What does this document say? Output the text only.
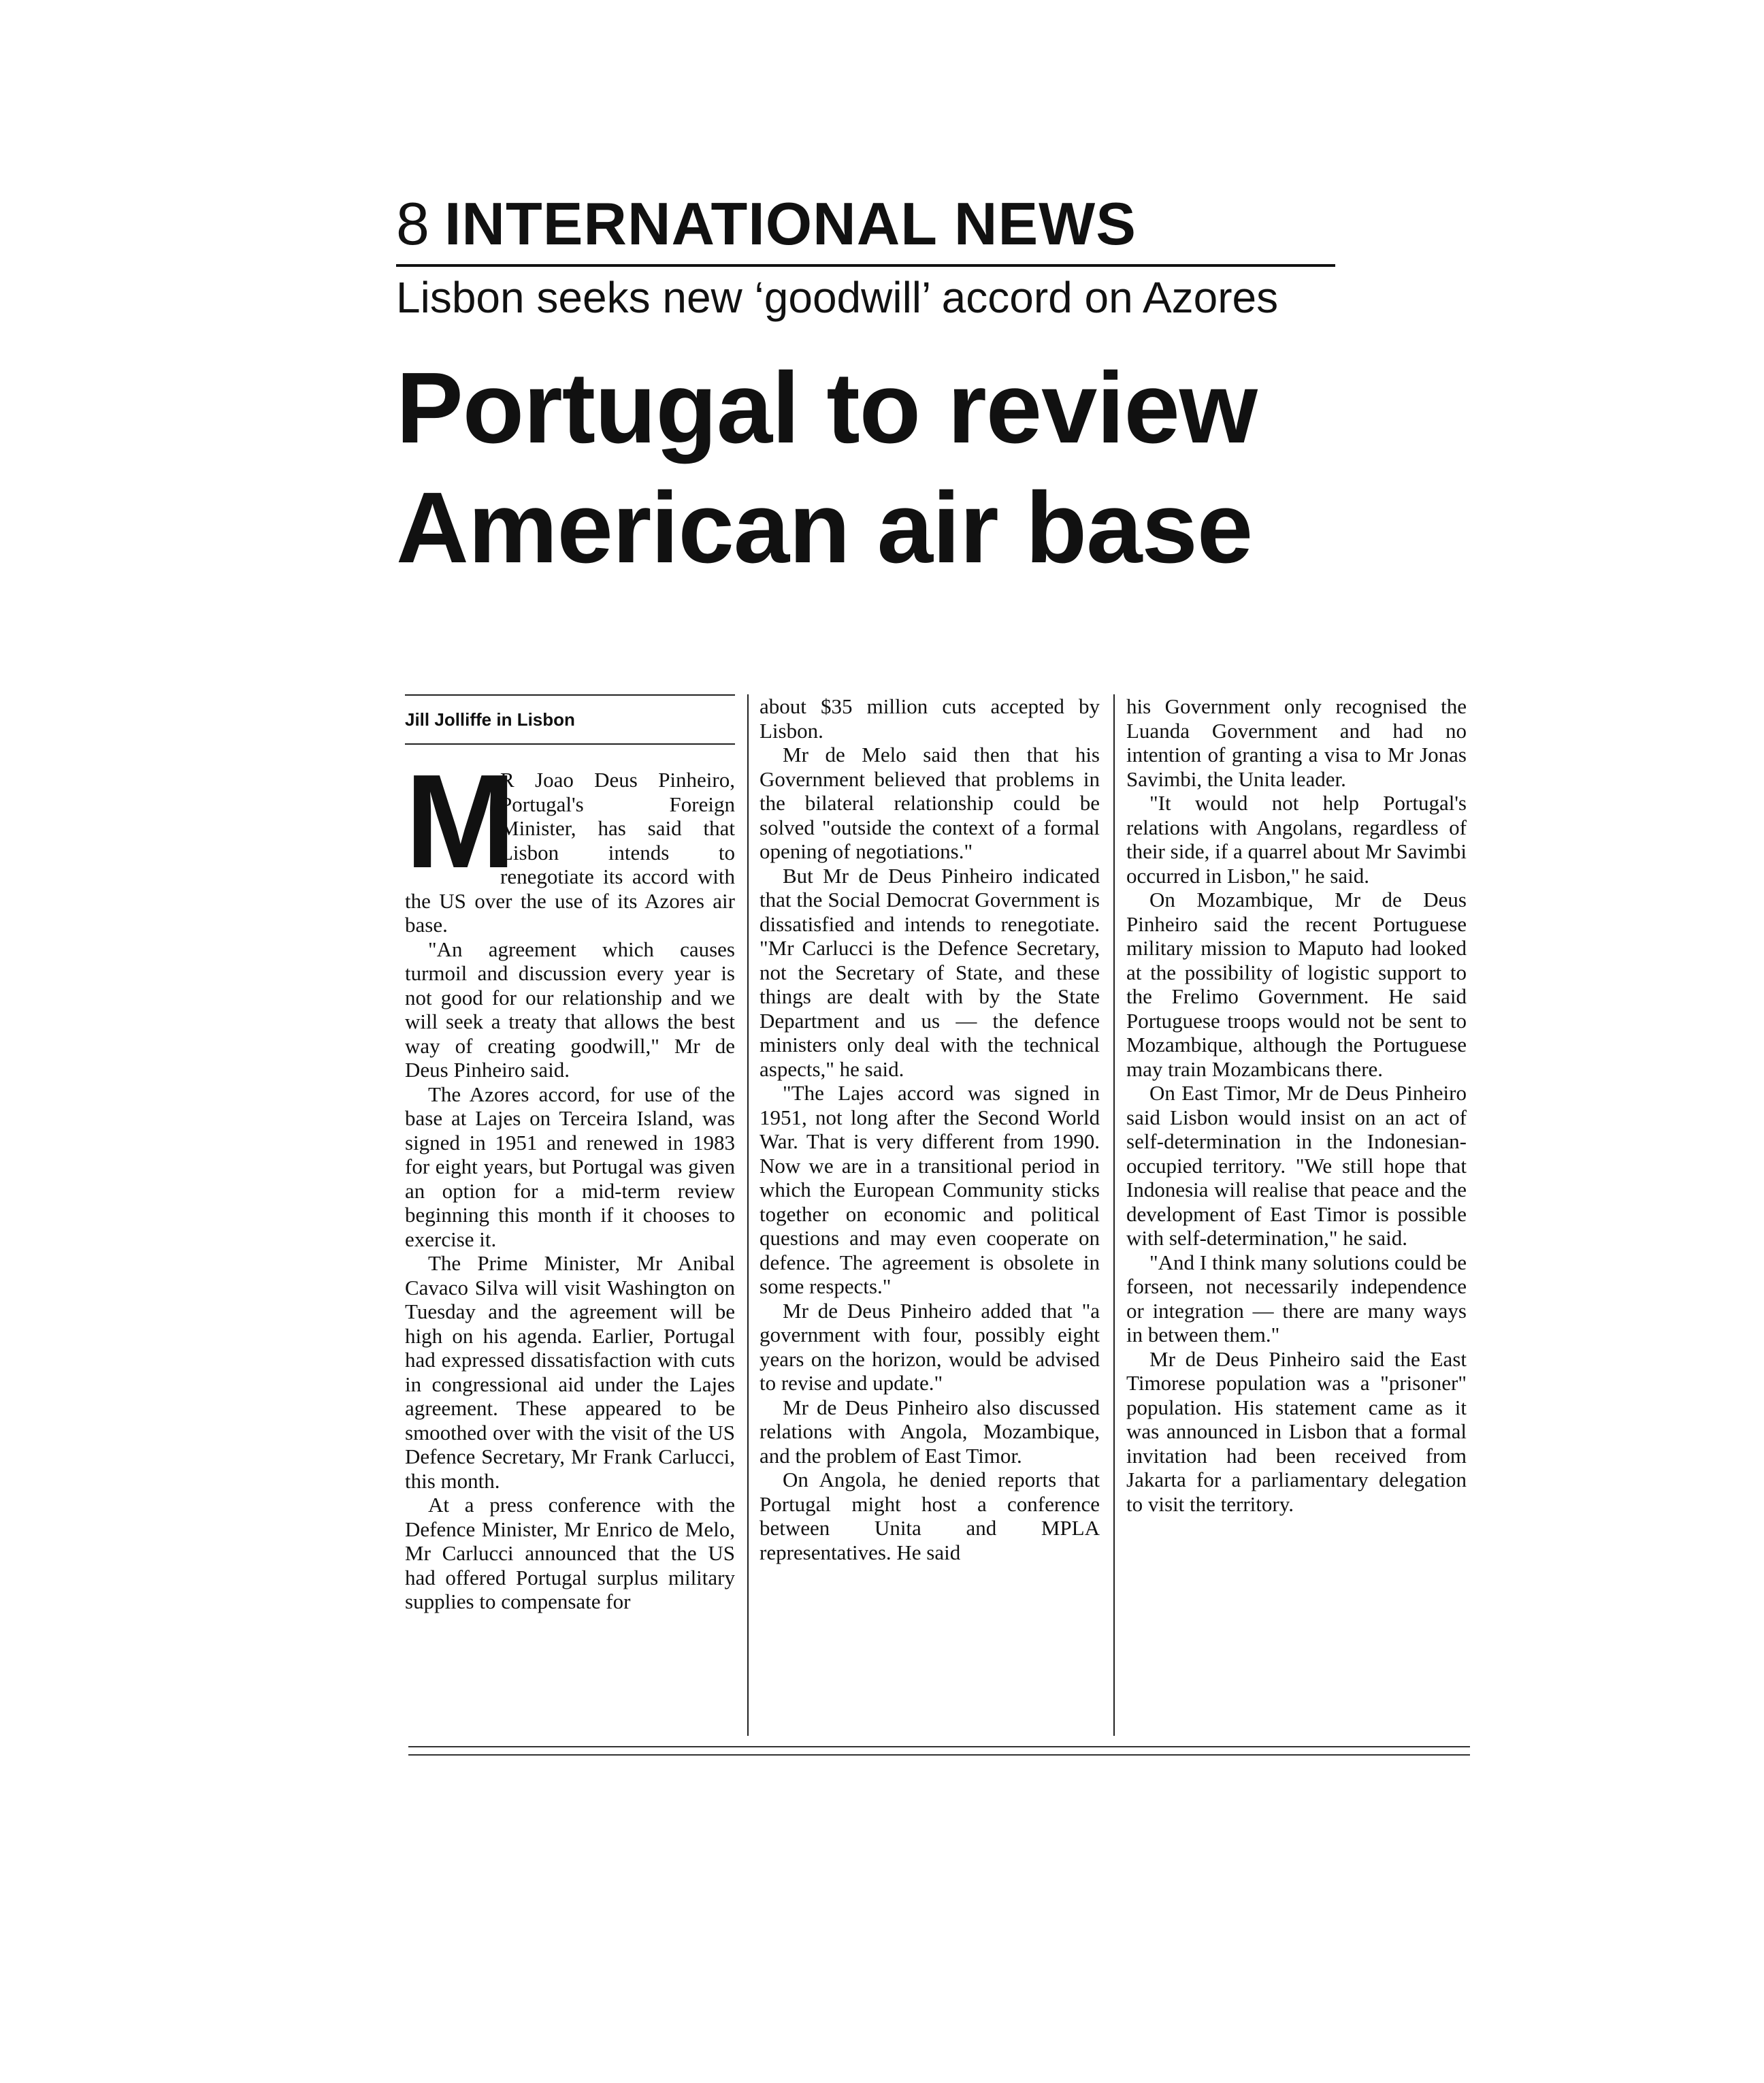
8 INTERNATIONAL NEWS
Lisbon seeks new ‘goodwill’ accord on Azores
Portugal to review
American air base
Jill Jolliffe in Lisbon

M
R Joao Deus Pinheiro, Portugal's Foreign Minister, has said that Lisbon intends to renegotiate its accord with the US over the use of its Azores air base.

"An agreement which causes turmoil and discussion every year is not good for our relationship and we will seek a treaty that allows the best way of creating goodwill," Mr de Deus Pinheiro said.

The Azores accord, for use of the base at Lajes on Terceira Island, was signed in 1951 and renewed in 1983 for eight years, but Portugal was given an option for a mid-term review beginning this month if it chooses to exercise it.

The Prime Minister, Mr Anibal Cavaco Silva will visit Washington on Tuesday and the agreement will be high on his agenda. Earlier, Portugal had expressed dissatisfaction with cuts in congressional aid under the Lajes agreement. These appeared to be smoothed over with the visit of the US Defence Secretary, Mr Frank Carlucci, this month.

At a press conference with the Defence Minister, Mr Enrico de Melo, Mr Carlucci announced that the US had offered Portugal surplus military supplies to compensate for

about $35 million cuts accepted by Lisbon.

Mr de Melo said then that his Government believed that problems in the bilateral relationship could be solved "outside the context of a formal opening of negotiations."

But Mr de Deus Pinheiro indicated that the Social Democrat Government is dissatisfied and intends to renegotiate. "Mr Carlucci is the Defence Secretary, not the Secretary of State, and these things are dealt with by the State Department and us — the defence ministers only deal with the technical aspects," he said.

"The Lajes accord was signed in 1951, not long after the Second World War. That is very different from 1990. Now we are in a transitional period in which the European Community sticks together on economic and political questions and may even cooperate on defence. The agreement is obsolete in some respects."

Mr de Deus Pinheiro added that "a government with four, possibly eight years on the horizon, would be advised to revise and update."

Mr de Deus Pinheiro also discussed relations with Angola, Mozambique, and the problem of East Timor.

On Angola, he denied reports that Portugal might host a conference between Unita and MPLA representatives. He said

his Government only recognised the Luanda Government and had no intention of granting a visa to Mr Jonas Savimbi, the Unita leader.

"It would not help Portugal's relations with Angolans, regardless of their side, if a quarrel about Mr Savimbi occurred in Lisbon," he said.

On Mozambique, Mr de Deus Pinheiro said the recent Portuguese military mission to Maputo had looked at the possibility of logistic support to the Frelimo Government. He said Portuguese troops would not be sent to Mozambique, although the Portuguese may train Mozambicans there.

On East Timor, Mr de Deus Pinheiro said Lisbon would insist on an act of self-determination in the Indonesian-occupied territory. "We still hope that Indonesia will realise that peace and the development of East Timor is possible with self-determination," he said.

"And I think many solutions could be forseen, not necessarily independence or integration — there are many ways in between them."

Mr de Deus Pinheiro said the East Timorese population was a "prisoner" population. His statement came as it was announced in Lisbon that a formal invitation had been received from Jakarta for a parliamentary delegation to visit the territory.
